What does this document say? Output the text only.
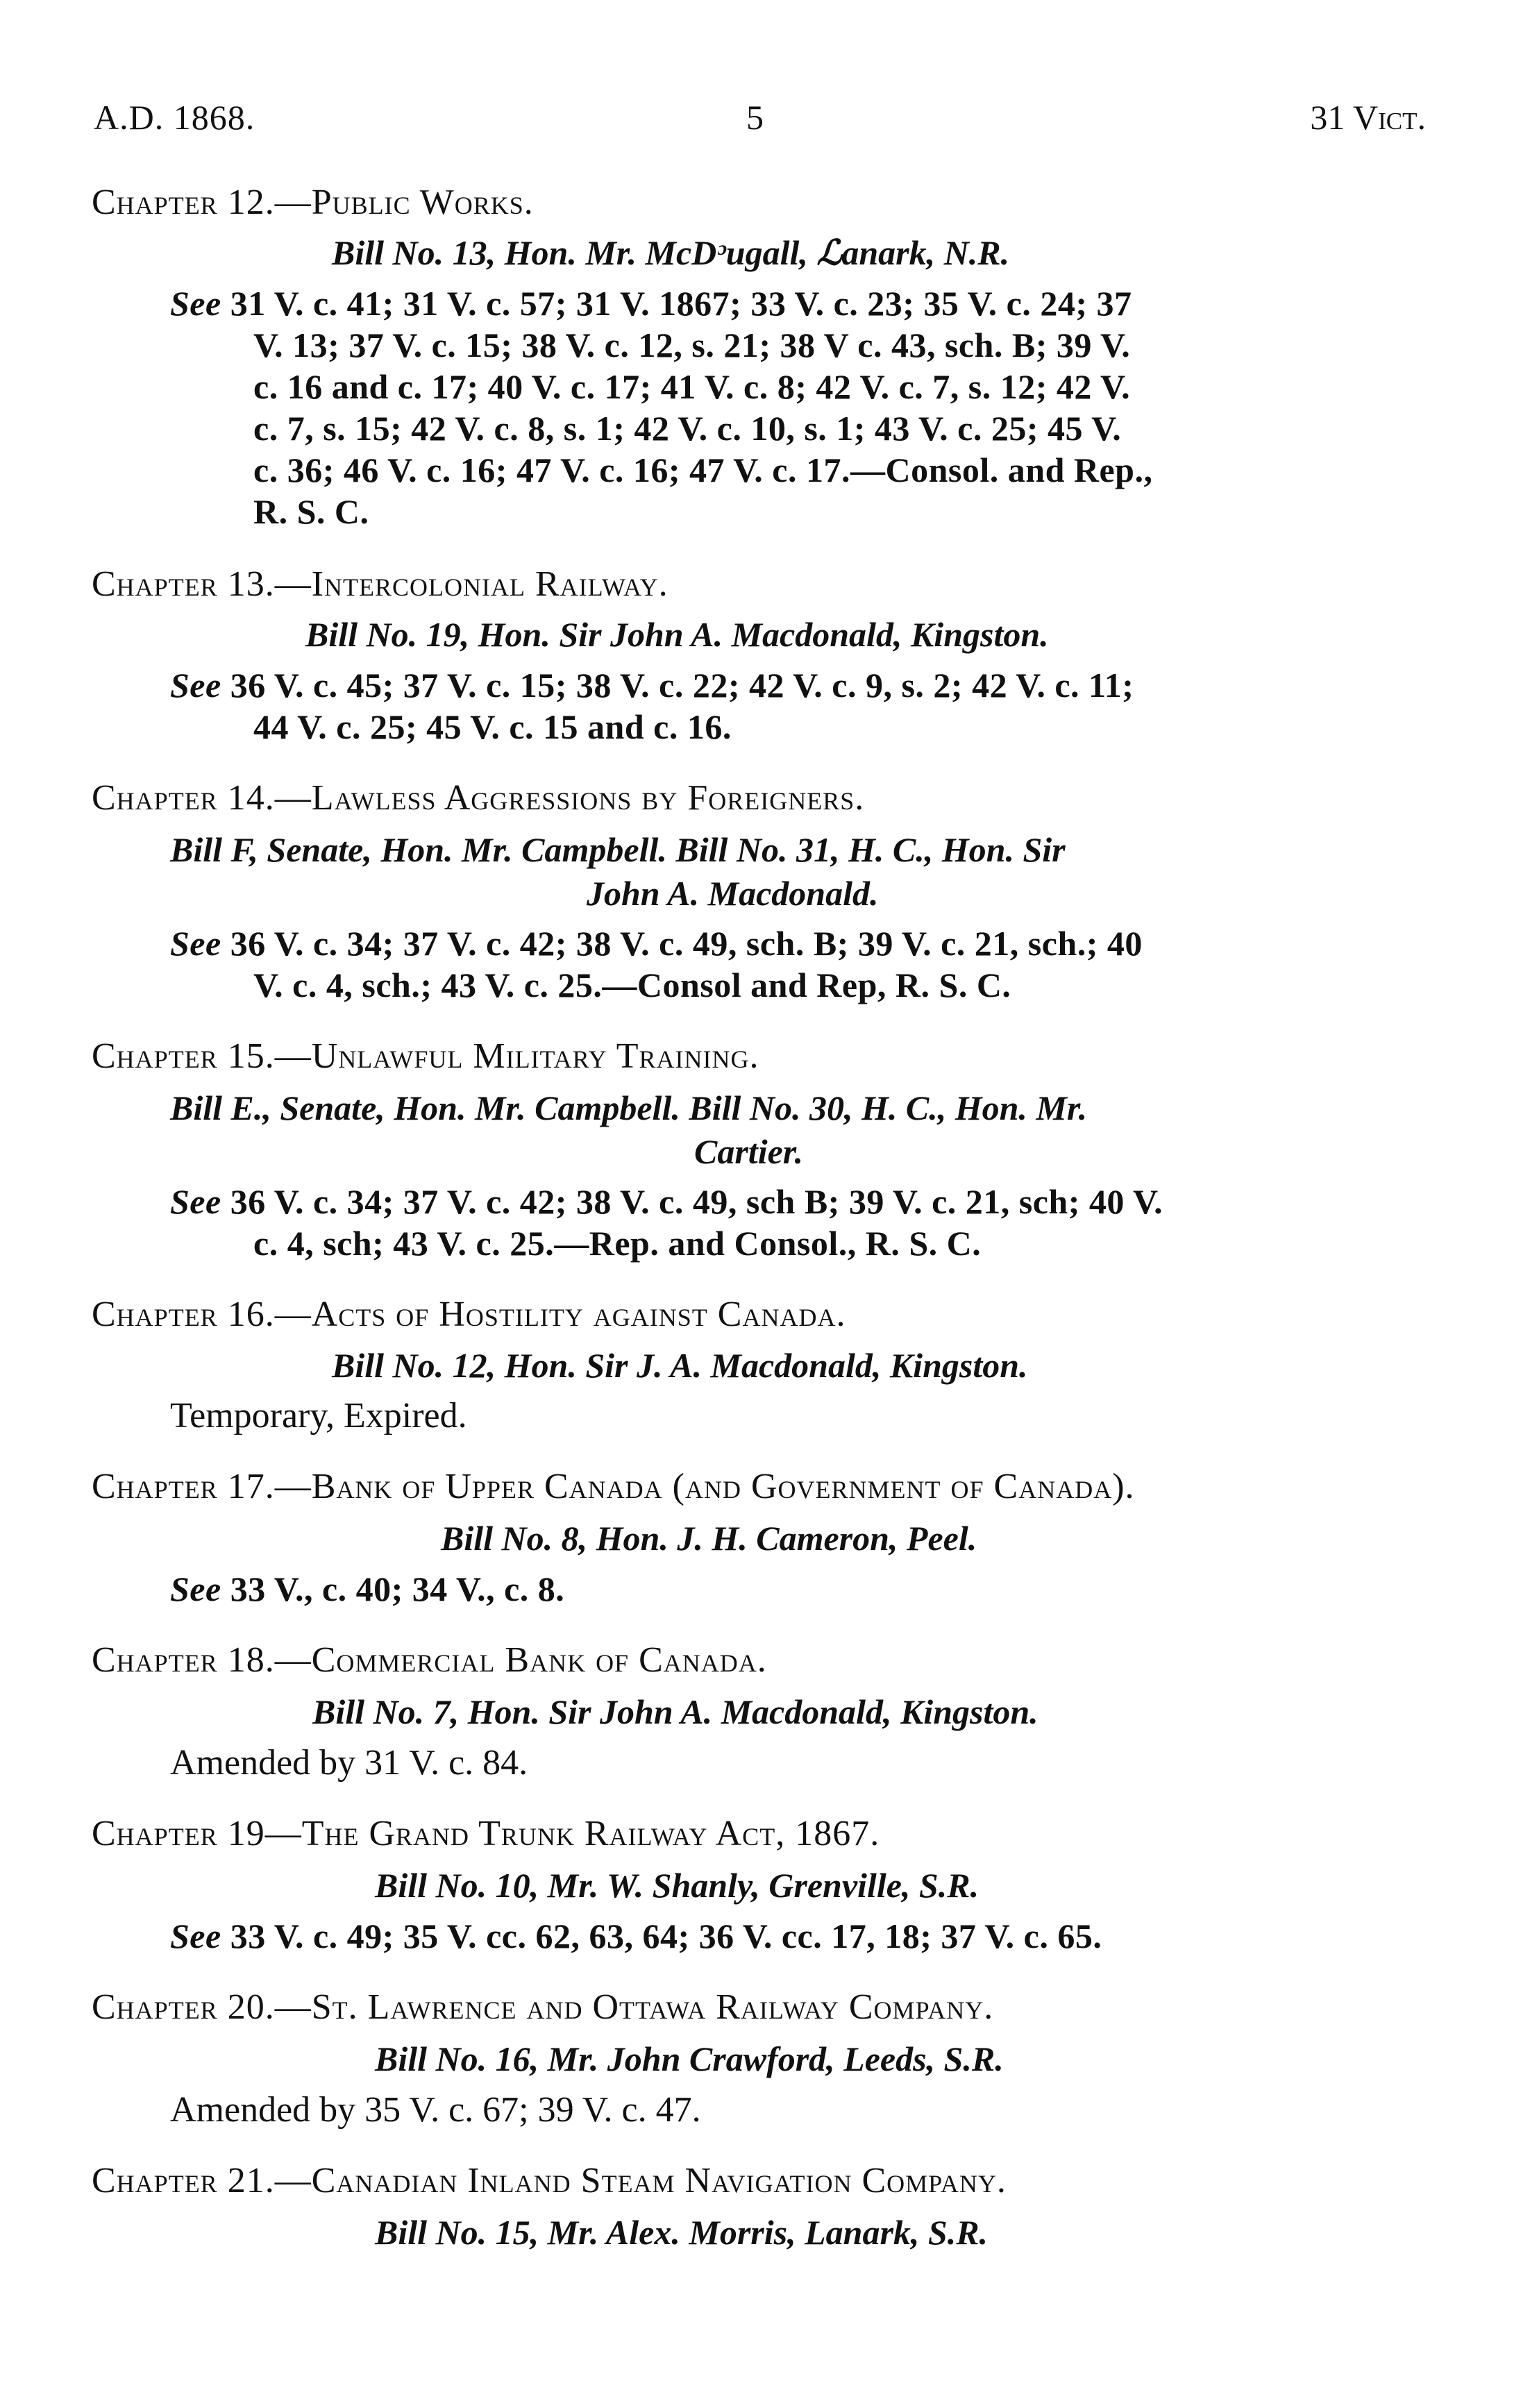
A.D. 1868.	5	31 Vict.
Chapter 12.—Public Works.
Bill No. 13, Hon. Mr. McDᵓugall, ℒanark, N.R.
See 31 V. c. 41; 31 V. c. 57; 31 V. 1867; 33 V. c. 23; 35 V. c. 24; 37
V. 13; 37 V. c. 15; 38 V. c. 12, s. 21; 38 V c. 43, sch. B; 39 V.
c. 16 and c. 17; 40 V. c. 17; 41 V. c. 8; 42 V. c. 7, s. 12; 42 V.
c. 7, s. 15; 42 V. c. 8, s. 1; 42 V. c. 10, s. 1; 43 V. c. 25; 45 V.
c. 36; 46 V. c. 16; 47 V. c. 16; 47 V. c. 17.—Consol. and Rep.,
R. S. C.
Chapter 13.—Intercolonial Railway.
Bill No. 19, Hon. Sir John A. Macdonald, Kingston.
See 36 V. c. 45; 37 V. c. 15; 38 V. c. 22; 42 V. c. 9, s. 2; 42 V. c. 11;
44 V. c. 25; 45 V. c. 15 and c. 16.
Chapter 14.—Lawless Aggressions by Foreigners.
Bill F, Senate, Hon. Mr. Campbell. Bill No. 31, H. C., Hon. Sir
John A. Macdonald.
See 36 V. c. 34; 37 V. c. 42; 38 V. c. 49, sch. B; 39 V. c. 21, sch.; 40
V. c. 4, sch.; 43 V. c. 25.—Consol and Rep, R. S. C.
Chapter 15.—Unlawful Military Training.
Bill E., Senate, Hon. Mr. Campbell. Bill No. 30, H. C., Hon. Mr.
Cartier.
See 36 V. c. 34; 37 V. c. 42; 38 V. c. 49, sch B; 39 V. c. 21, sch; 40 V.
c. 4, sch; 43 V. c. 25.—Rep. and Consol., R. S. C.
Chapter 16.—Acts of Hostility against Canada.
Bill No. 12, Hon. Sir J. A. Macdonald, Kingston.
Temporary, Expired.
Chapter 17.—Bank of Upper Canada (and Government of Canada).
Bill No. 8, Hon. J. H. Cameron, Peel.
See 33 V., c. 40; 34 V., c. 8.
Chapter 18.—Commercial Bank of Canada.
Bill No. 7, Hon. Sir John A. Macdonald, Kingston.
Amended by 31 V. c. 84.
Chapter 19—The Grand Trunk Railway Act, 1867.
Bill No. 10, Mr. W. Shanly, Grenville, S.R.
See 33 V. c. 49; 35 V. cc. 62, 63, 64; 36 V. cc. 17, 18; 37 V. c. 65.
Chapter 20.—St. Lawrence and Ottawa Railway Company.
Bill No. 16, Mr. John Crawford, Leeds, S.R.
Amended by 35 V. c. 67; 39 V. c. 47.
Chapter 21.—Canadian Inland Steam Navigation Company.
Bill No. 15, Mr. Alex. Morris, Lanark, S.R.
